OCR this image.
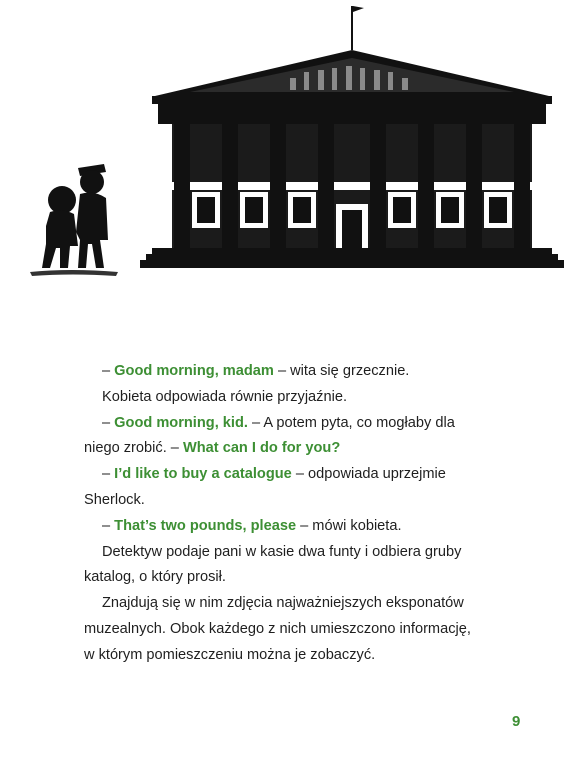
– Good morning, madam – wita się grzecznie.

Kobieta odpowiada równie przyjaźnie.

– Good morning, kid. – A potem pyta, co mogłaby dla niego zrobić. – What can I do for you?

– I’d like to buy a catalogue – odpowiada uprzejmie Sherlock.

– That’s two pounds, please – mówi kobieta.

Detektyw podaje pani w kasie dwa funty i odbiera gruby katalog, o który prosił.

Znajdują się w nim zdjęcia najważniejszych eksponatów muzealnych. Obok każdego z nich umieszczono informację, w którym pomieszczeniu można je zobaczyć.

9
